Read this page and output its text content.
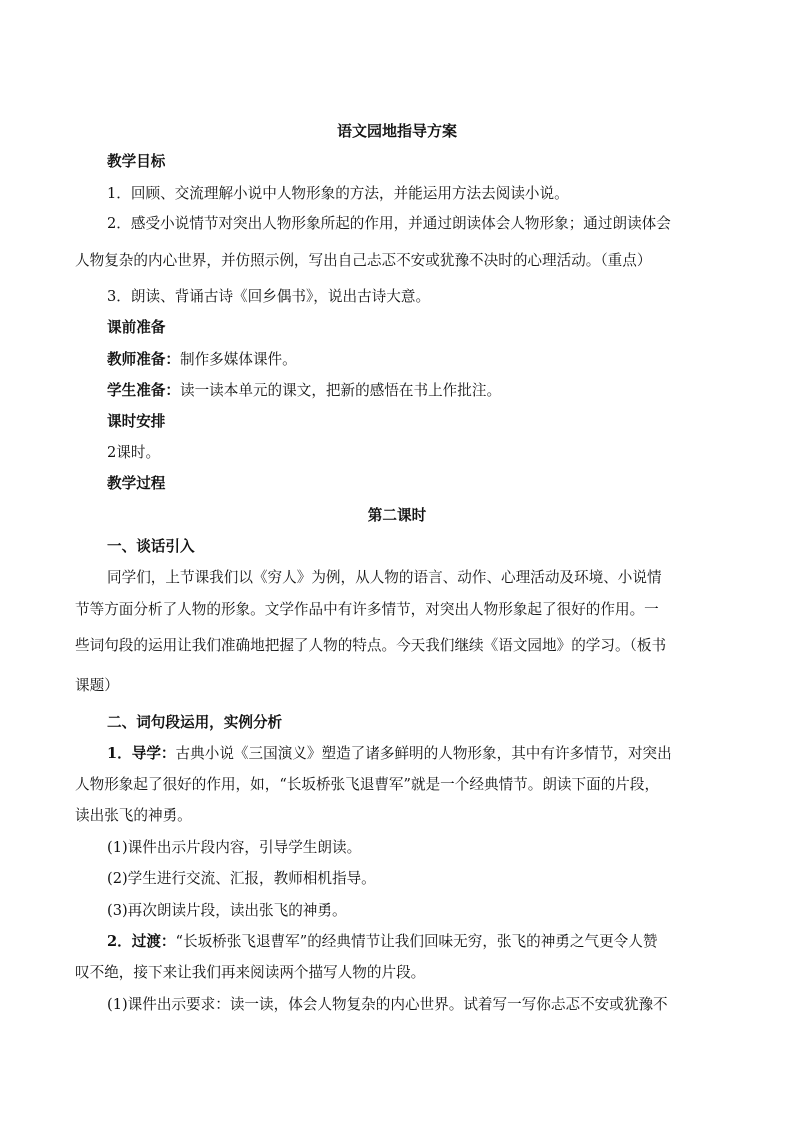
语文园地指导方案
教学目标
1．回顾、交流理解小说中人物形象的方法，并能运用方法去阅读小说。
2．感受小说情节对突出人物形象所起的作用，并通过朗读体会人物形象；通过朗读体会
人物复杂的内心世界，并仿照示例，写出自己忐忑不安或犹豫不决时的心理活动。（重点）
3．朗读、背诵古诗《回乡偶书》，说出古诗大意。
课前准备
教师准备：制作多媒体课件。
学生准备：读一读本单元的课文，把新的感悟在书上作批注。
课时安排
2课时。
教学过程
第二课时
一、谈话引入
同学们，上节课我们以《穷人》为例，从人物的语言、动作、心理活动及环境、小说情
节等方面分析了人物的形象。文学作品中有许多情节，对突出人物形象起了很好的作用。一
些词句段的运用让我们准确地把握了人物的特点。今天我们继续《语文园地》的学习。（板书
课题）
二、词句段运用，实例分析
1．导学：古典小说《三国演义》塑造了诸多鲜明的人物形象，其中有许多情节，对突出
人物形象起了很好的作用，如，“长坂桥张飞退曹军”就是一个经典情节。朗读下面的片段，
读出张飞的神勇。
(1)课件出示片段内容，引导学生朗读。
(2)学生进行交流、汇报，教师相机指导。
(3)再次朗读片段，读出张飞的神勇。
2．过渡：“长坂桥张飞退曹军”的经典情节让我们回味无穷，张飞的神勇之气更令人赞
叹不绝，接下来让我们再来阅读两个描写人物的片段。
(1)课件出示要求：读一读，体会人物复杂的内心世界。试着写一写你忐忑不安或犹豫不
